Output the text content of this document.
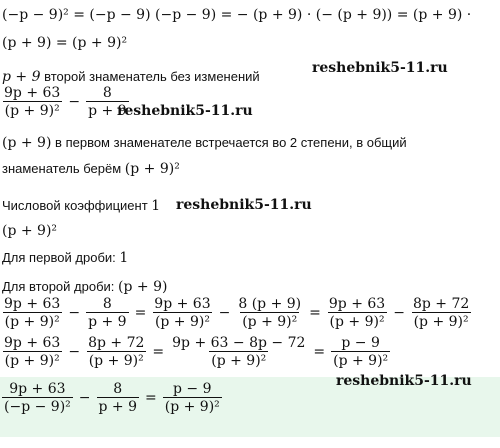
(−p − 9)² = (−p − 9) (−p − 9) = − (p + 9) · (− (p + 9)) = (p + 9) ·
(p + 9) = (p + 9)²
p + 9 второй знаменатель без изменений
reshebnik5-11.ru
$\frac{9p + 63}{\text{(p + 9)²}} - \frac{8}{p + 9}$
reshebnik5-11.ru
(p + 9) в первом знаменателе встречается во 2 степени, в общий
знаменатель берём (p + 9)²
Числовой коэффициент 1 reshebnik5-11.ru
(p + 9)²
Для первой дроби: 1
Для второй дроби: (p + 9)
$\frac{9p + 63}{\text{(p + 9)²}} - \frac{8}{p + 9} = \frac{9p + 63}{\text{(p + 9)²}} - \frac{8 (p + 9)}{\text{(p + 9)²}} = \frac{9p + 63}{\text{(p + 9)²}} - \frac{8p + 72}{\text{(p + 9)²}}$
$\frac{9p + 63}{\text{(p + 9)²}} - \frac{8p + 72}{\text{(p + 9)²}} = \frac{9p + 63 - 8p - 72}{\text{(p + 9)²}} = \frac{p - 9}{\text{(p + 9)²}}$
$\frac{9p + 63}{\text{(−p − 9)²}} - \frac{8}{p + 9} = \frac{p - 9}{\text{(p + 9)²}}$
reshebnik5-11.ru
